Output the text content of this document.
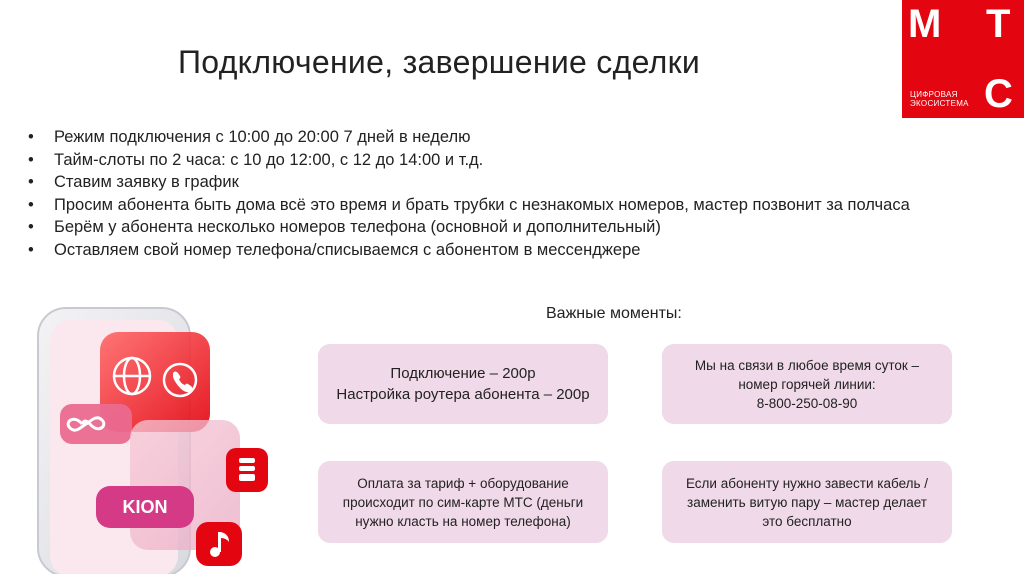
Подключение, завершение сделки
М Т
С
ЦИФРОВАЯ
ЭКОСИСТЕМА
• Режим подключения с 10:00 до 20:00 7 дней в неделю
• Тайм-слоты по 2 часа: с 10 до 12:00, с 12 до 14:00 и т.д.
• Ставим заявку в график
• Просим абонента быть дома всё это время и брать трубки с незнакомых номеров, мастер позвонит за полчаса
• Берём у абонента несколько номеров телефона (основной и дополнительный)
• Оставляем свой номер телефона/списываемся с абонентом в мессенджере
Важные моменты:
Подключение – 200р
Настройка роутера абонента – 200р
Мы на связи в любое время суток –
номер горячей линии:
8-800-250-08-90
Оплата за тариф + оборудование
происходит по сим-карте МТС (деньги
нужно класть на номер телефона)
Если абоненту нужно завести кабель /
заменить витую пару – мастер делает
это бесплатно
KION
